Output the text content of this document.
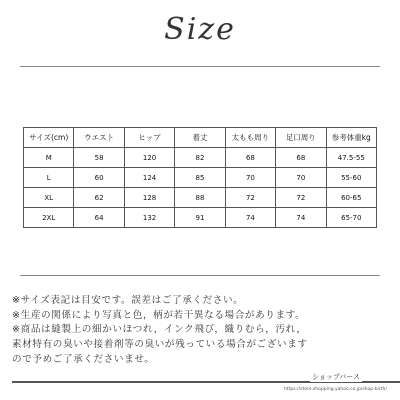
Size
サイズ(cm)	ウエスト	ヒップ	着丈	太もも周り	足口周り	参考体重kg
M	58	120	82	68	68	47.5-55
L	60	124	85	70	70	55-60
XL	62	128	88	72	72	60-65
2XL	64	132	91	74	74	65-70
※サイズ表記は目安です。誤差はご了承ください。
※生産の関係により写真と色，柄が若干異なる場合があります。
※商品は縫製上の細かいほつれ，インク飛び，織りむら，汚れ，
素材特有の臭いや接着剤等の臭いが残っている場合がございます
ので予めご了承くださいませ。
ショップバース
https://store.shopping.yahoo.co.jp/shop-birth/
